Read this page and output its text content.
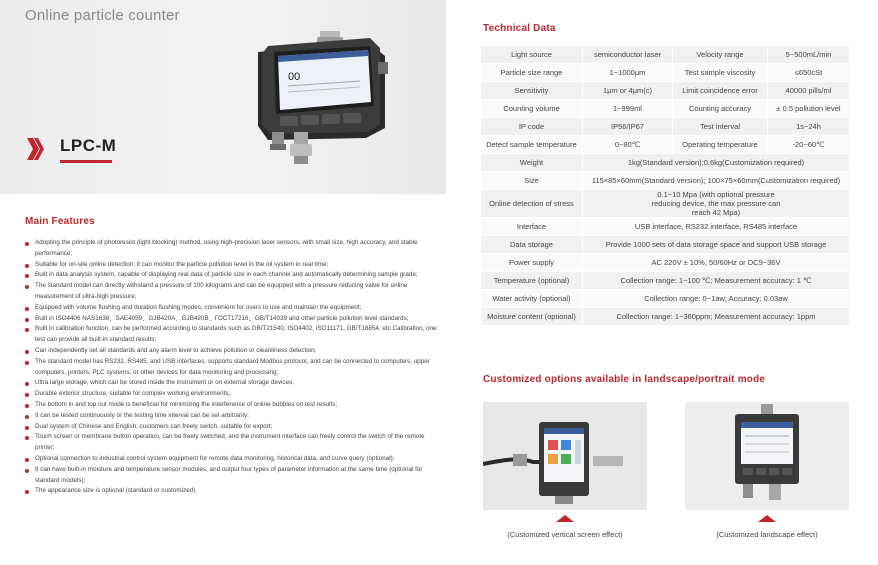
Online particle counter
LPC-M
00
Main Features
Adopting the principle of photoresist (light blocking) method, using high-precision laser sensors, with small size, high accuracy, and stable performance;
Suitable for on-site online detection; it can monitor the particle pollution level in the oil system in real time;
Built in data analysis system, capable of displaying real data of particle size in each channel and automatically determining sample grade;
The standard model can directly withstand a pressure of 100 kilograms and can be equipped with a pressure reducing valve for online measurement of ultra-high pressure;
Equipped with volume flushing and duration flushing modes, convenient for users to use and maintain the equipment;
Built in ISO4406 NAS1638、SAE4059、GJB420A、GJB420B、ГОСТ17216、GB/T14039 and other particle pollution level standards;
Built in calibration function, can be performed according to standards such as GB/T21540, ISO4402, ISO11171, GB/T18854, etc Calibration, one test can provide all built-in standard results;
Can independently set all standards and any alarm level to achieve pollution or cleanliness detection;
The standard model has RS232, RS485, and USB interfaces, supports standard Modbus protocol, and can be connected to computers, upper computers, printers, PLC systems, or other devices for data monitoring and processing;
Ultra large storage, which can be stored inside the instrument or on external storage devices;
Durable exterior structure, suitable for complex working environments;
The bottom in and top out mode is beneficial for minimizing the interference of online bubbles on test results;
It can be tested continuously or the testing time interval can be set arbitrarily;
Dual system of Chinese and English, customers can freely switch, suitable for export;
Touch screen or membrane button operation, can be freely switched, and the instrument interface can freely control the switch of the remote printer;
Optional connection to industrial control system equipment for remote data monitoring, historical data, and curve query (optional);
It can have built-in moisture and temperature sensor modules, and output four types of parameter information at the same time (optional for standard models);
The appearance size is optional (standard or customized).
Technical Data
Light source	semiconductor laser	Velocity range	5~500mL/min
Particle size range	1~1000μm	Test sample viscosity	≤650cSt
Sensitivity	1μm or 4μm(c)	Limit coincidence error	40000 pills/ml
Counting volume	1~999ml	Counting accuracy	± 0.5 pollution level
IP code	IP56/IP67	Test interval	1s~24h
Detect sample temperature	0~80℃	Operating temperature	-20~60℃
Weight	1kg(Standard version);0.6kg(Customization required)		
Size	115×85×60mm(Standard version); 100×75×60mm(Customization required)		
Online detection of stress	0.1~10 Mpa (with optional pressure reducing device, the max pressure can reach 42 Mpa)		
Interface	USB interface, RS232 interface, RS485 interface		
Data storage	Provide 1000 sets of data storage space and support USB storage		
Power supply	AC 220V ± 10%, 50/60Hz or DC9~36V		
Temperature (optional)	Collection range: 1~100 ℃; Measurement accuracy: 1 ℃		
Water activity (optional)	Collection range: 0~1aw; Accuracy: 0.03aw		
Moisture content (optional)	Collection range: 1~360ppm; Measurement accuracy: 1ppm		
Customized options available in landscape/portrait mode
(Customized vertical screen effect)	(Customized landscape effect)
